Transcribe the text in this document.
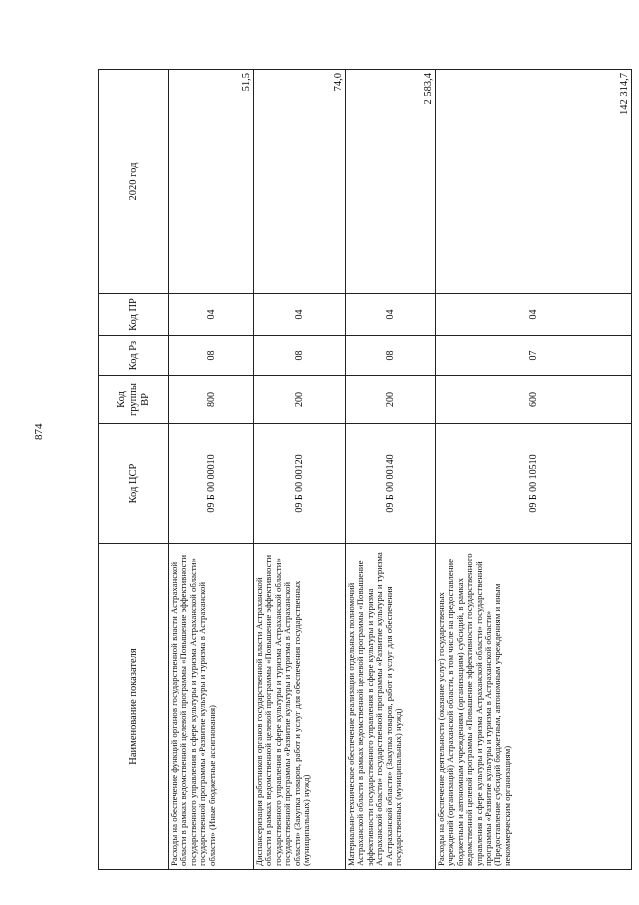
874
Наименование показателя	Код ЦСР	Код группы ВР	Код Рз	Код ПР	2020 год
Расходы на обеспечение функций органов государственной власти Астраханской области в рамках ведомственной целевой программы «Повышение эффективности государственного управления в сфере культуры и туризма Астраханской области» государственной программы «Развитие культуры и туризма в Астраханской области» (Иные бюджетные ассигнования)	09 Б 00 00010	800	08	04	51,5
Диспансеризация работников органов государственной власти Астраханской области в рамках ведомственной целевой программы «Повышение эффективности государственного управления в сфере культуры и туризма Астраханской области» государственной программы «Развитие культуры и туризма в Астраханской области» (Закупка товаров, работ и услуг для обеспечения государственных (муниципальных) нужд)	09 Б 00 00120	200	08	04	74,0
Материально-техническое обеспечение реализации отдельных полномочий Астраханской области в рамках ведомственной целевой программы «Повышение эффективности государственного управления в сфере культуры и туризма Астраханской области» государственной программы «Развитие культуры и туризма в Астраханской области» (Закупка товаров, работ и услуг для обеспечения государственных (муниципальных) нужд)	09 Б 00 00140	200	08	04	2 583,4
Расходы на обеспечение деятельности (оказание услуг) государственных учреждений (организаций) Астраханской области, в том числе на предоставление бюджетным и автономным учреждениям (организациям) субсидий, в рамках ведомственной целевой программы «Повышение эффективности государственного управления в сфере культуры и туризма Астраханской области» государственной программы «Развитие культуры и туризма в Астраханской области» (Предоставление субсидий бюджетным, автономным учреждениям и иным некоммерческим организациям)	09 Б 00 10510	600	07	04	142 314,7
